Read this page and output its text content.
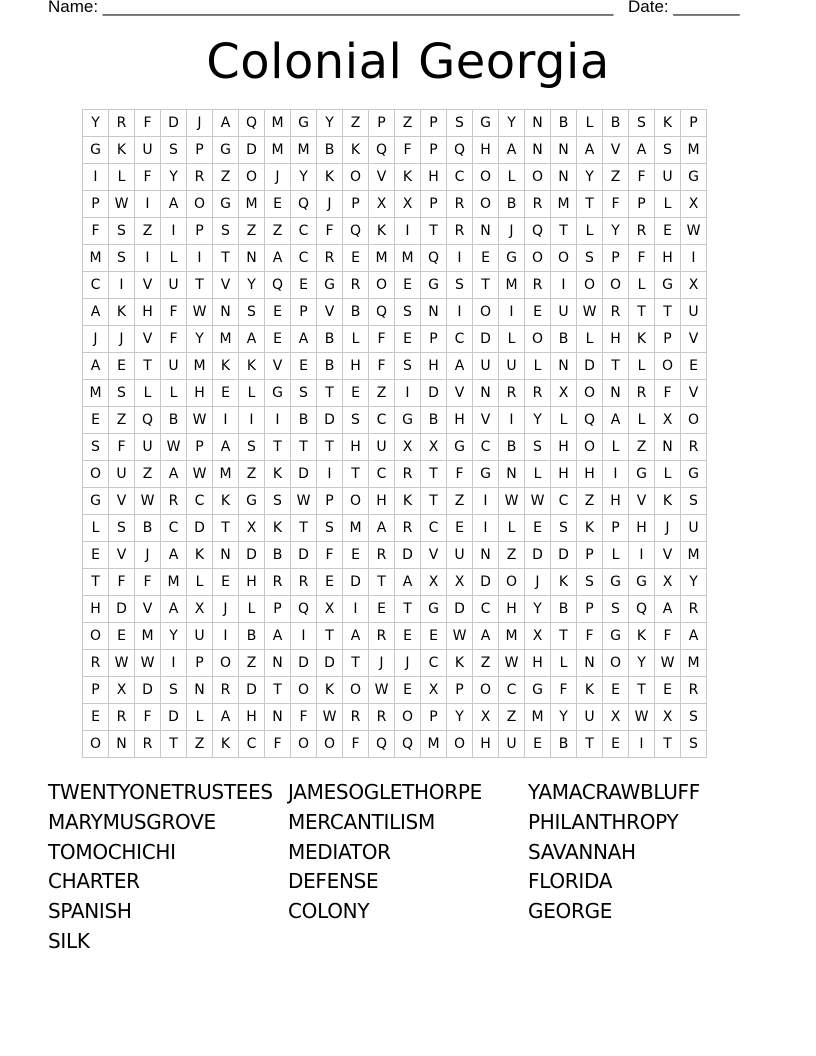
Name: ______________________________________________________ Date: _______
Colonial Georgia
Y	R	F	D	J	A	Q	M	G	Y	Z	P	Z	P	S	G	Y	N	B	L	B	S	K	P
G	K	U	S	P	G	D	M	M	B	K	Q	F	P	Q	H	A	N	N	A	V	A	S	M
I	L	F	Y	R	Z	O	J	Y	K	O	V	K	H	C	O	L	O	N	Y	Z	F	U	G
P	W	I	A	O	G	M	E	Q	J	P	X	X	P	R	O	B	R	M	T	F	P	L	X
F	S	Z	I	P	S	Z	Z	C	F	Q	K	I	T	R	N	J	Q	T	L	Y	R	E	W
M	S	I	L	I	T	N	A	C	R	E	M	M	Q	I	E	G	O	O	S	P	F	H	I
C	I	V	U	T	V	Y	Q	E	G	R	O	E	G	S	T	M	R	I	O	O	L	G	X
A	K	H	F	W	N	S	E	P	V	B	Q	S	N	I	O	I	E	U	W	R	T	T	U
J	J	V	F	Y	M	A	E	A	B	L	F	E	P	C	D	L	O	B	L	H	K	P	V
A	E	T	U	M	K	K	V	E	B	H	F	S	H	A	U	U	L	N	D	T	L	O	E
M	S	L	L	H	E	L	G	S	T	E	Z	I	D	V	N	R	R	X	O	N	R	F	V
E	Z	Q	B	W	I	I	I	B	D	S	C	G	B	H	V	I	Y	L	Q	A	L	X	O
S	F	U	W	P	A	S	T	T	T	H	U	X	X	G	C	B	S	H	O	L	Z	N	R
O	U	Z	A	W	M	Z	K	D	I	T	C	R	T	F	G	N	L	H	H	I	G	L	G
G	V	W	R	C	K	G	S	W	P	O	H	K	T	Z	I	W	W	C	Z	H	V	K	S
L	S	B	C	D	T	X	K	T	S	M	A	R	C	E	I	L	E	S	K	P	H	J	U
E	V	J	A	K	N	D	B	D	F	E	R	D	V	U	N	Z	D	D	P	L	I	V	M
T	F	F	M	L	E	H	R	R	E	D	T	A	X	X	D	O	J	K	S	G	G	X	Y
H	D	V	A	X	J	L	P	Q	X	I	E	T	G	D	C	H	Y	B	P	S	Q	A	R
O	E	M	Y	U	I	B	A	I	T	A	R	E	E	W	A	M	X	T	F	G	K	F	A
R	W	W	I	P	O	Z	N	D	D	T	J	J	C	K	Z	W	H	L	N	O	Y	W	M
P	X	D	S	N	R	D	T	O	K	O	W	E	X	P	O	C	G	F	K	E	T	E	R
E	R	F	D	L	A	H	N	F	W	R	R	O	P	Y	X	Z	M	Y	U	X	W	X	S
O	N	R	T	Z	K	C	F	O	O	F	Q	Q	M	O	H	U	E	B	T	E	I	T	S
TWENTYONETRUSTEES JAMESOGLETHORPE YAMACRAWBLUFF
MARYMUSGROVE	MERCANTILISM	PHILANTHROPY
TOMOCHICHI	MEDIATOR	SAVANNAH
CHARTER	DEFENSE	FLORIDA
SPANISH	COLONY	GEORGE
SILK
